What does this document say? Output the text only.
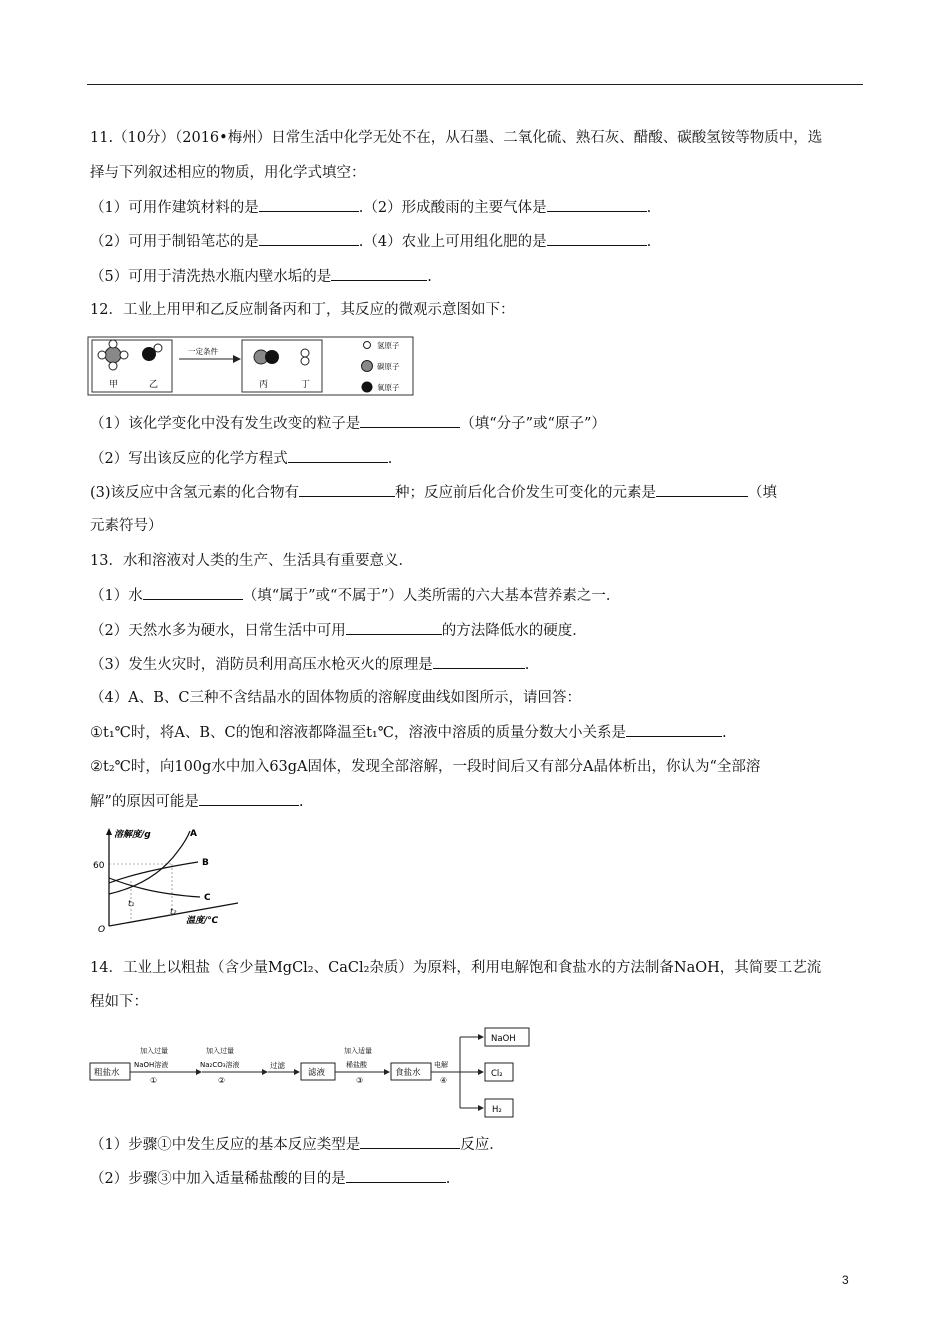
11.（10分）（2016•梅州）日常生活中化学无处不在，从石墨、二氧化硫、熟石灰、醋酸、碳酸氢铵等物质中，选
择与下列叙述相应的物质，用化学式填空：
（1）可用作建筑材料的是	.（2）形成酸雨的主要气体是	.
（2）可用于制铅笔芯的是	.（4）农业上可用组化肥的是	.
（5）可用于清洗热水瓶内壁水垢的是	.
12．工业上用甲和乙反应制备丙和丁，其反应的微观示意图如下：
甲	乙
一定条件
丙	丁
氢原子
碳原子
氧原子
（1）该化学变化中没有发生改变的粒子是	（填“分子”或“原子”）
（2）写出该反应的化学方程式	.
(3)该反应中含氢元素的化合物有	种；反应前后化合价发生可变化的元素是	（填
元素符号）
13．水和溶液对人类的生产、生活具有重要意义．
（1）水	（填“属于”或“不属于”）人类所需的六大基本营养素之一．
（2）天然水多为硬水，日常生活中可用	的方法降低水的硬度．
（3）发生火灾时，消防员利用高压水枪灭火的原理是	.
（4）A、B、C三种不含结晶水的固体物质的溶解度曲线如图所示，请回答：
①t₁℃时，将A、B、C的饱和溶液都降温至t₁℃，溶液中溶质的质量分数大小关系是	.
②t₂℃时，向100g水中加入63gA固体，发现全部溶解，一段时间后又有部分A晶体析出，你认为“全部溶
解”的原因可能是	.
溶解度/g
温度/℃
60
O
t₁
t₂
A
B
C
14．工业上以粗盐（含少量MgCl₂、CaCl₂杂质）为原料，利用电解饱和食盐水的方法制备NaOH，其简要工艺流
程如下：
粗盐水
加入过量
NaOH溶液
①
加入过量
Na₂CO₃溶液
②
过滤
滤液
加入适量
稀盐酸
③
食盐水
电解
④
NaOH
Cl₂
H₂
（1）步骤①中发生反应的基本反应类型是	反应．
（2）步骤③中加入适量稀盐酸的目的是	.
3
